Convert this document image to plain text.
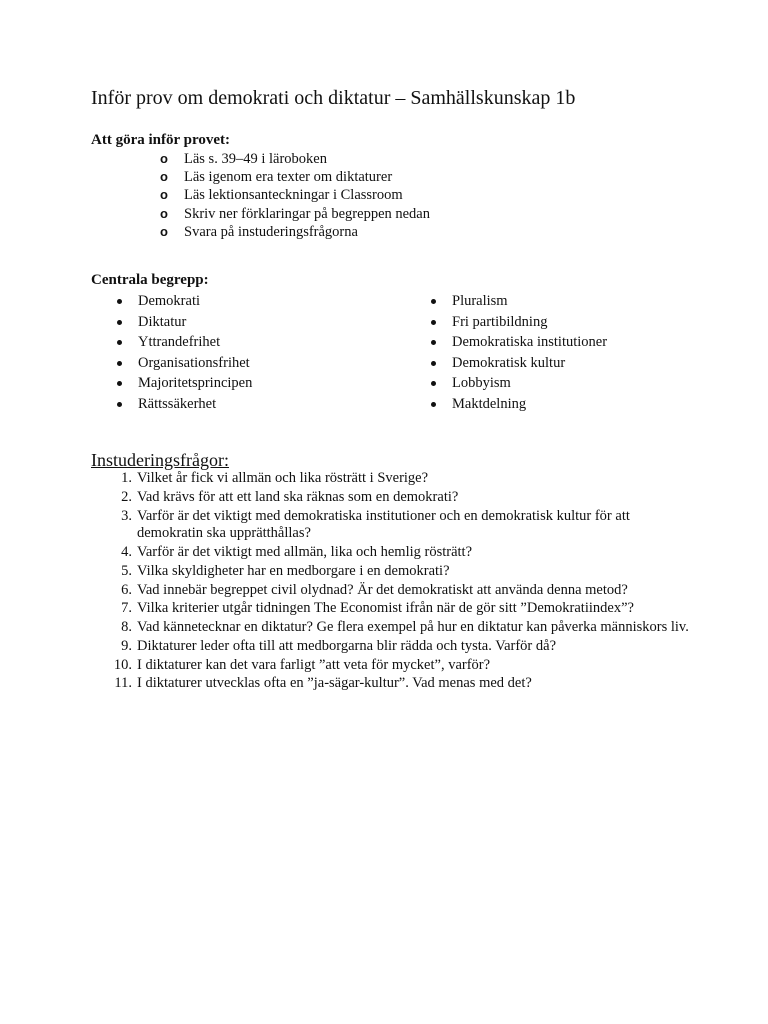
Inför prov om demokrati och diktatur – Samhällskunskap 1b
Att göra inför provet:
o Läs s. 39–49 i läroboken
o Läs igenom era texter om diktaturer
o Läs lektionsanteckningar i Classroom
o Skriv ner förklaringar på begreppen nedan
o Svara på instuderingsfrågorna
Centrala begrepp:
Demokrati
Diktatur
Yttrandefrihet
Organisationsfrihet
Majoritetsprincipen
Rättssäkerhet
Pluralism
Fri partibildning
Demokratiska institutioner
Demokratisk kultur
Lobbyism
Maktdelning
Instuderingsfrågor:
1. Vilket år fick vi allmän och lika rösträtt i Sverige?
2. Vad krävs för att ett land ska räknas som en demokrati?
3. Varför är det viktigt med demokratiska institutioner och en demokratisk kultur för att demokratin ska upprätthållas?
4. Varför är det viktigt med allmän, lika och hemlig rösträtt?
5. Vilka skyldigheter har en medborgare i en demokrati?
6. Vad innebär begreppet civil olydnad? Är det demokratiskt att använda denna metod?
7. Vilka kriterier utgår tidningen The Economist ifrån när de gör sitt ”Demokratiindex”?
8. Vad kännetecknar en diktatur? Ge flera exempel på hur en diktatur kan påverka människors liv.
9. Diktaturer leder ofta till att medborgarna blir rädda och tysta. Varför då?
10. I diktaturer kan det vara farligt ”att veta för mycket”, varför?
11. I diktaturer utvecklas ofta en ”ja-sägar-kultur”. Vad menas med det?
